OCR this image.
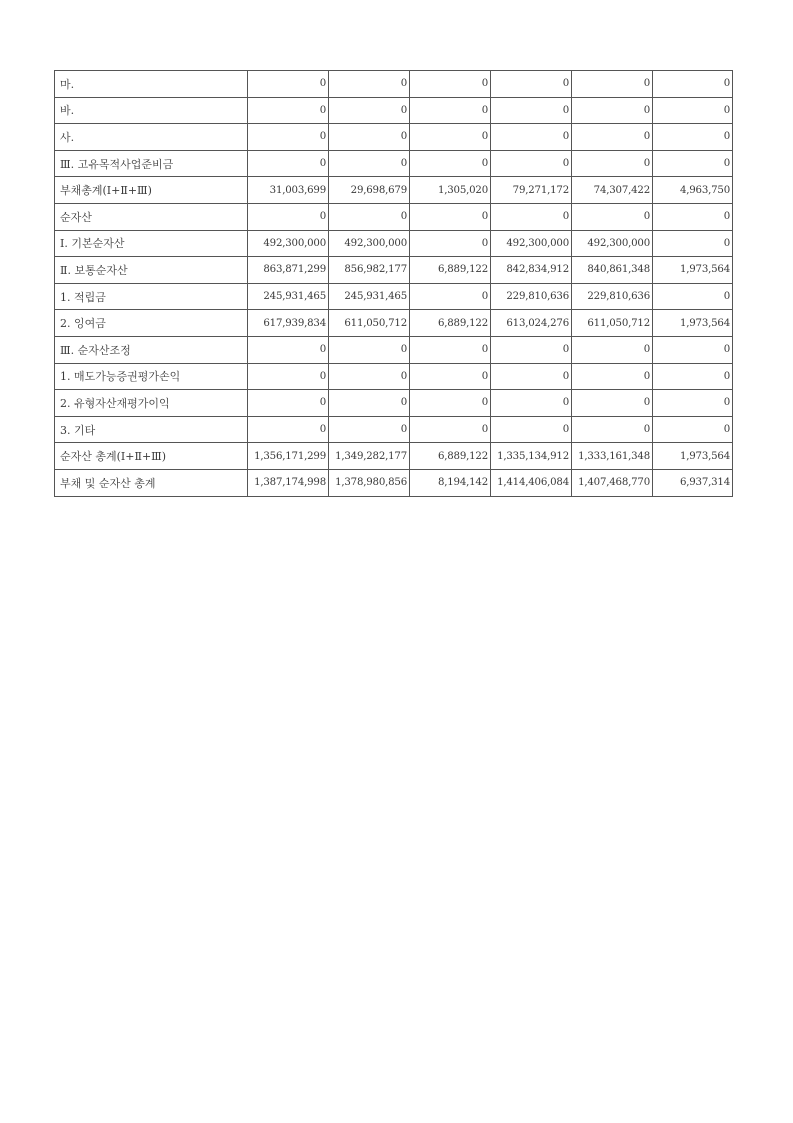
마.	0	0	0	0	0	0
바.	0	0	0	0	0	0
사.	0	0	0	0	0	0
Ⅲ. 고유목적사업준비금	0	0	0	0	0	0
부채총계(Ⅰ+Ⅱ+Ⅲ)	31,003,699	29,698,679	1,305,020	79,271,172	74,307,422	4,963,750
순자산	0	0	0	0	0	0
Ⅰ. 기본순자산	492,300,000	492,300,000	0	492,300,000	492,300,000	0
Ⅱ. 보통순자산	863,871,299	856,982,177	6,889,122	842,834,912	840,861,348	1,973,564
1. 적립금	245,931,465	245,931,465	0	229,810,636	229,810,636	0
2. 잉여금	617,939,834	611,050,712	6,889,122	613,024,276	611,050,712	1,973,564
Ⅲ. 순자산조정	0	0	0	0	0	0
1. 매도가능증권평가손익	0	0	0	0	0	0
2. 유형자산재평가이익	0	0	0	0	0	0
3. 기타	0	0	0	0	0	0
순자산 총계(Ⅰ+Ⅱ+Ⅲ)	1,356,171,299	1,349,282,177	6,889,122	1,335,134,912	1,333,161,348	1,973,564
부채 및 순자산 총계	1,387,174,998	1,378,980,856	8,194,142	1,414,406,084	1,407,468,770	6,937,314
